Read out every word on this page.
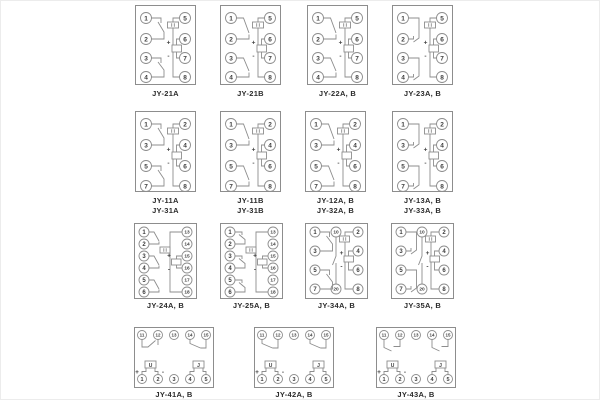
1	5
2	6
3	7
4	8
+
-
JY-21A
1	5
2	6
3	7
4	8
+
-
JY-21B
1	5
2	6
3	7
4	8
+
-
JY-22A, B
1	5
2	6
3	7
4	8
+
-
JY-23A, B
1	2
3	4
5	6
7	8
+
-
JY-11A
JY-31A
1	2
3	4
5	6
7	8
+
-
JY-11B
JY-31B
1	2
3	4
5	6
7	8
+
-
JY-12A, B
JY-32A, B
1	2
3	4
5	6
7	8
+
-
JY-13A, B
JY-33A, B
1	13
2	14
3	15
4	16
5	17
6	18
+
-
JY-24A, B
1	13
2	14
3	15
4	16
5	17
6	18
+
-
JY-25A, B
1	2
3	4
5	6
7	8
10
20
+
-
JY-34A, B
1	2
3	4
5	6
7	8
10
20
+
-
JY-35A, B
11
1
12
2
13
3
14
4
15
5
U	J
+	-
JY-41A, B
11
1
12
2
13
3
14
4
15
5
U	J
+	-
JY-42A, B
11
1
12
2
13
3
14
4
15
5
U	J
+	-
JY-43A, B
